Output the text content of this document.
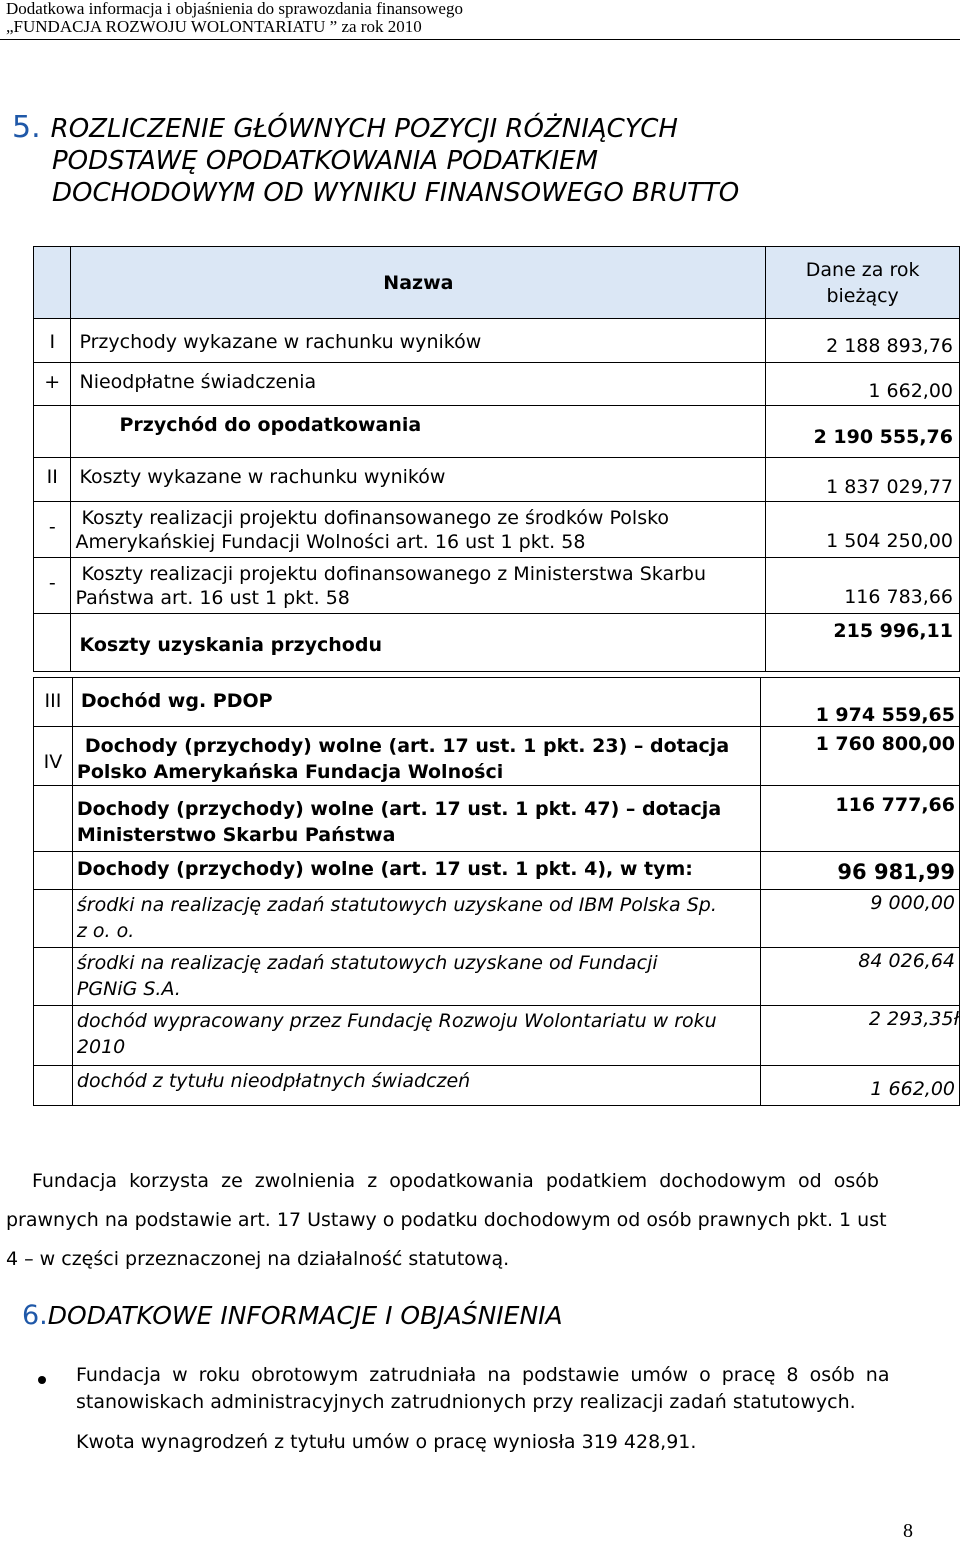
Dodatkowa informacja i objaśnienia do sprawozdania finansowego
„FUNDACJA ROZWOJU WOLONTARIATU ” za rok 2010
5. ROZLICZENIE GŁÓWNYCH POZYCJI RÓŻNIĄCYCH
PODSTAWĘ OPODATKOWANIA PODATKIEM
DOCHODOWYM OD WYNIKU FINANSOWEGO BRUTTO
	Nazwa	Dane za rok
bieżący

I	Przychody wykazane w rachunku wyników	2 188 893,76
+	Nieodpłatne świadczenia	1 662,00
	Przychód do opodatkowania	2 190 555,76
II	Koszty wykazane w rachunku wyników	1 837 029,77
-	Koszty realizacji projektu dofinansowanego ze środków Polsko
Amerykańskiej Fundacji Wolności art. 16 ust 1 pkt. 58	1 504 250,00
-	Koszty realizacji projektu dofinansowanego z Ministerstwa Skarbu
Państwa art. 16 ust 1 pkt. 58	116 783,66
	Koszty uzyskania przychodu	215 996,11
III	Dochód wg. PDOP	1 974 559,65
IV	Dochody (przychody) wolne (art. 17 ust. 1 pkt. 23) – dotacja
Polsko Amerykańska Fundacja Wolności	1 760 800,00

	Dochody (przychody) wolne (art. 17 ust. 1 pkt. 47) – dotacja
Ministerstwo Skarbu Państwa	116 777,66
	Dochody (przychody) wolne (art. 17 ust. 1 pkt. 4), w tym:	96 981,99

	środki na realizację zadań statutowych uzyskane od IBM Polska Sp.
z o. o.	9 000,00

	środki na realizację zadań statutowych uzyskane od Fundacji
PGNiG S.A.	84 026,64

	dochód wypracowany przez Fundację Rozwoju Wolontariatu w roku
2010	2 293,35ł
	dochód z tytułu nieodpłatnych świadczeń	1 662,00
Fundacja korzysta ze zwolnienia z opodatkowania podatkiem dochodowym od osób
prawnych na podstawie art. 17 Ustawy o podatku dochodowym od osób prawnych pkt. 1 ust
4 – w części przeznaczonej na działalność statutową.
6.DODATKOWE INFORMACJE I OBJAŚNIENIA
Fundacja w roku obrotowym zatrudniała na podstawie umów o pracę 8 osób na
stanowiskach administracyjnych zatrudnionych przy realizacji zadań statutowych.
Kwota wynagrodzeń z tytułu umów o pracę wyniosła 319 428,91.
8
